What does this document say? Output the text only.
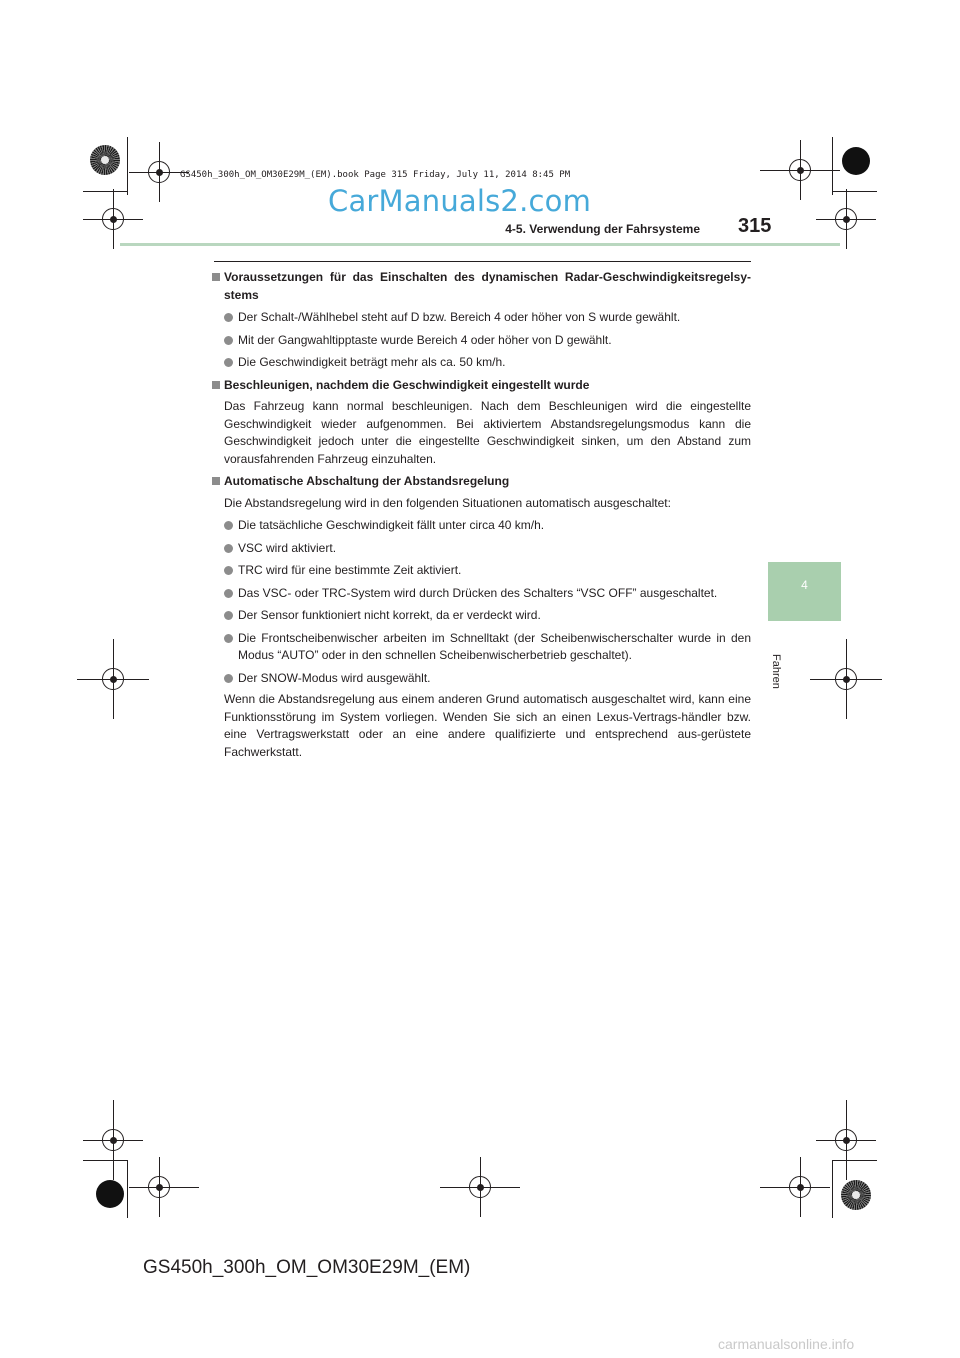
GS450h_300h_OM_OM30E29M_(EM).book Page 315 Friday, July 11, 2014 8:45 PM
CarManuals2.com
4-5. Verwendung der Fahrsysteme 315
4
Fahren
Voraussetzungen für das Einschalten des dynamischen Radar-Geschwindigkeitsregelsy-stems
Der Schalt-/Wählhebel steht auf D bzw. Bereich 4 oder höher von S wurde gewählt.
Mit der Gangwahltipptaste wurde Bereich 4 oder höher von D gewählt.
Die Geschwindigkeit beträgt mehr als ca. 50 km/h.
Beschleunigen, nachdem die Geschwindigkeit eingestellt wurde
Das Fahrzeug kann normal beschleunigen. Nach dem Beschleunigen wird die eingestellte Geschwindigkeit wieder aufgenommen. Bei aktiviertem Abstandsregelungsmodus kann die Geschwindigkeit jedoch unter die eingestellte Geschwindigkeit sinken, um den Abstand zum vorausfahrenden Fahrzeug einzuhalten.
Automatische Abschaltung der Abstandsregelung
Die Abstandsregelung wird in den folgenden Situationen automatisch ausgeschaltet:
Die tatsächliche Geschwindigkeit fällt unter circa 40 km/h.
VSC wird aktiviert.
TRC wird für eine bestimmte Zeit aktiviert.
Das VSC- oder TRC-System wird durch Drücken des Schalters “VSC OFF” ausgeschaltet.
Der Sensor funktioniert nicht korrekt, da er verdeckt wird.
Die Frontscheibenwischer arbeiten im Schnelltakt (der Scheibenwischerschalter wurde in den Modus “AUTO” oder in den schnellen Scheibenwischerbetrieb geschaltet).
Der SNOW-Modus wird ausgewählt.
Wenn die Abstandsregelung aus einem anderen Grund automatisch ausgeschaltet wird, kann eine Funktionsstörung im System vorliegen. Wenden Sie sich an einen Lexus-Vertrags-händler bzw. eine Vertragswerkstatt oder an eine andere qualifizierte und entsprechend aus-gerüstete Fachwerkstatt.
GS450h_300h_OM_OM30E29M_(EM)
carmanualsonline.info
